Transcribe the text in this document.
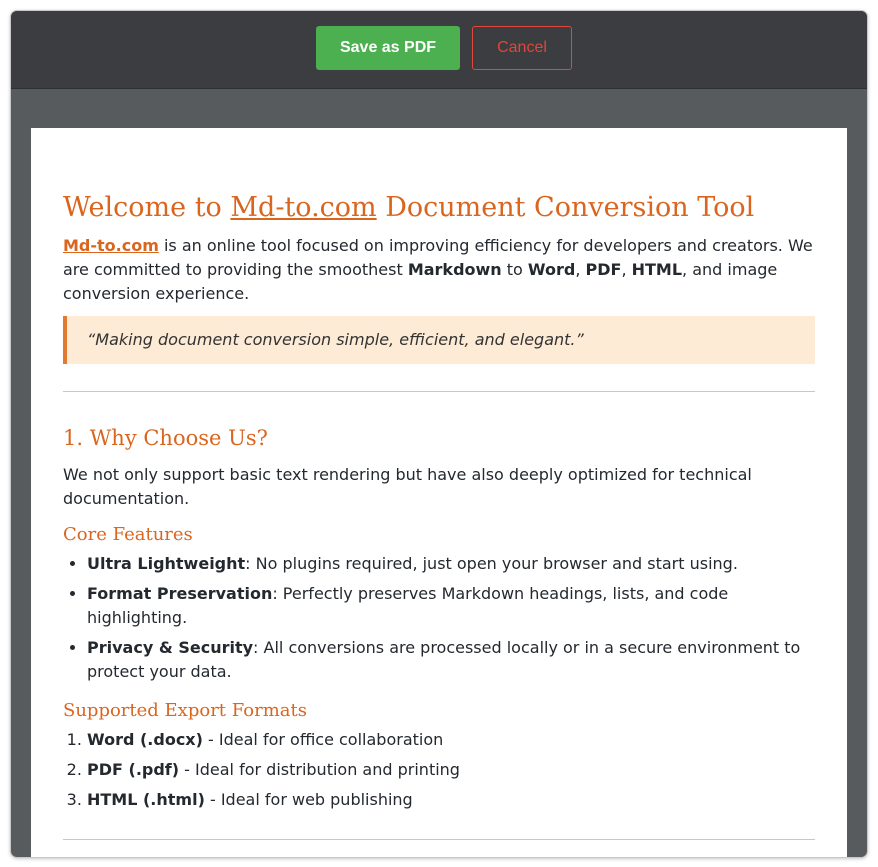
Save as PDF	Cancel
Welcome to Md-to.com Document Conversion Tool

Md-to.com is an online tool focused on improving efficiency for developers and creators. We are committed to providing the smoothest Markdown to Word, PDF, HTML, and image conversion experience.

“Making document conversion simple, efficient, and elegant.”
1. Why Choose Us?

We not only support basic text rendering but have also deeply optimized for technical documentation.

Core Features
• Ultra Lightweight: No plugins required, just open your browser and start using.
• Format Preservation: Perfectly preserves Markdown headings, lists, and code highlighting.
• Privacy & Security: All conversions are processed locally or in a secure environment to protect your data.
Supported Export Formats
1. Word (.docx) - Ideal for office collaboration
2. PDF (.pdf) - Ideal for distribution and printing
3. HTML (.html) - Ideal for web publishing
